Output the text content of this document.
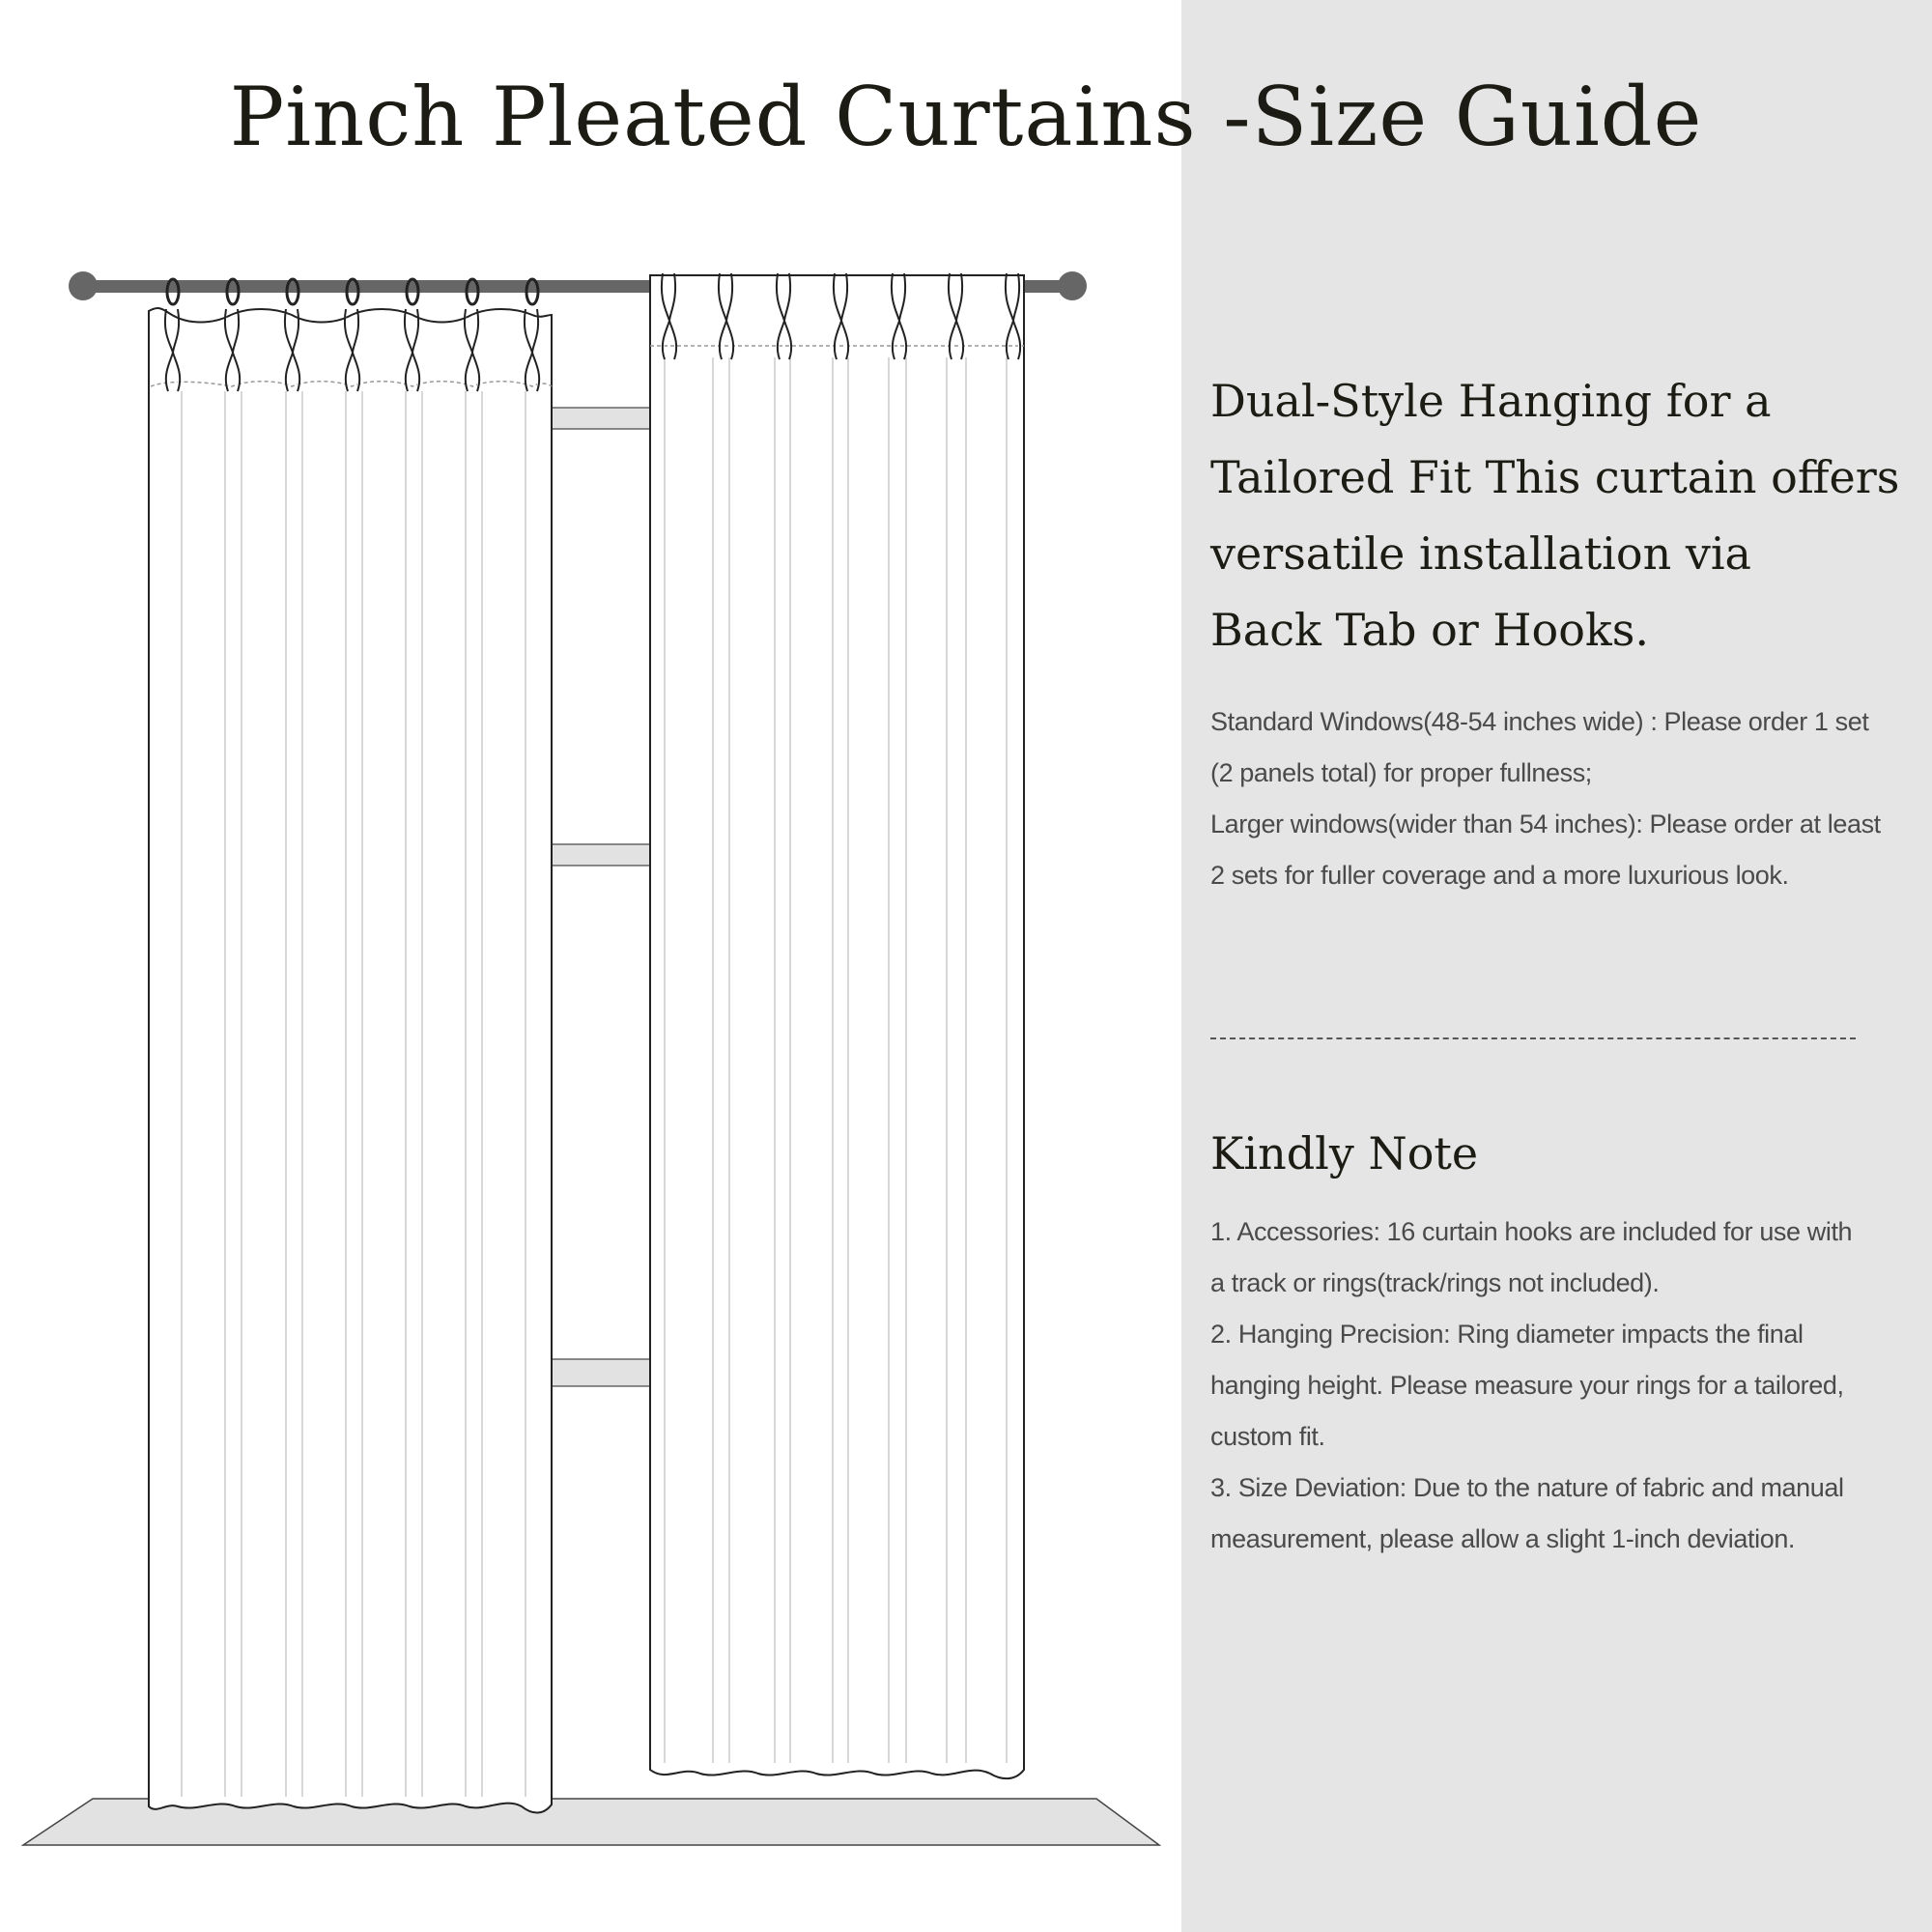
Pinch Pleated Curtains -Size Guide
Dual-Style Hanging for a
Tailored Fit This curtain offers
versatile installation via
Back Tab or Hooks.
Standard Windows(48-54 inches wide) : Please order 1 set
(2 panels total) for proper fullness;
Larger windows(wider than 54 inches): Please order at least
2 sets for fuller coverage and a more luxurious look.
Kindly Note
1. Accessories: 16 curtain hooks are included for use with
a track or rings(track/rings not included).
2. Hanging Precision: Ring diameter impacts the final
hanging height. Please measure your rings for a tailored,
custom fit.
3. Size Deviation: Due to the nature of fabric and manual
measurement, please allow a slight 1-inch deviation.
